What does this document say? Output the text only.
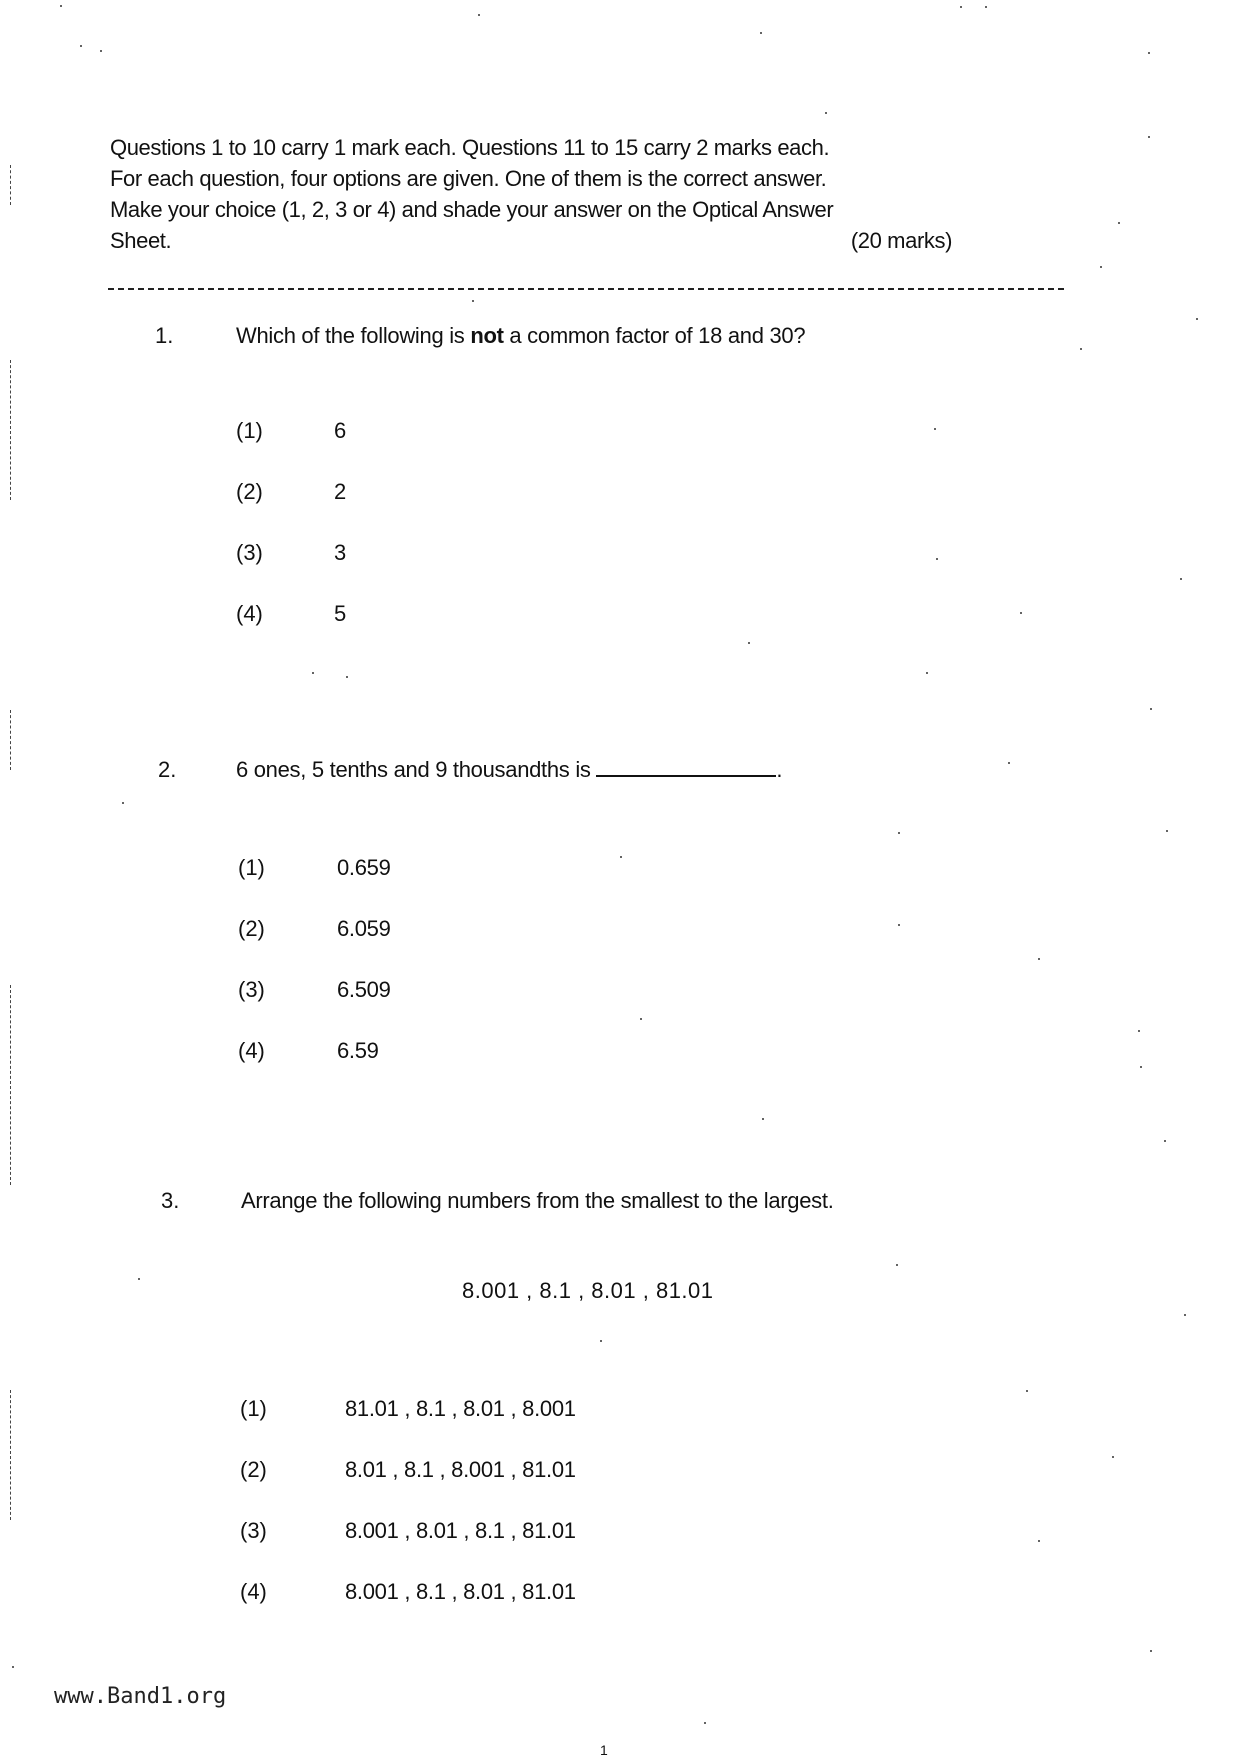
Questions 1 to 10 carry 1 mark each. Questions 11 to 15 carry 2 marks each.
For each question, four options are given. One of them is the correct answer.
Make your choice (1, 2, 3 or 4) and shade your answer on the Optical Answer
Sheet.	(20 marks)
1.	Which of the following is not a common factor of 18 and 30?
(1)	6
(2)	2
(3)	3
(4)	5
2.	6 ones, 5 tenths and 9 thousandths is	.
(1)	0.659
(2)	6.059
(3)	6.509
(4)	6.59
3.	Arrange the following numbers from the smallest to the largest.
8.001 , 8.1 , 8.01 , 81.01
(1)	81.01 , 8.1 , 8.01 , 8.001
(2)	8.01 , 8.1 , 8.001 , 81.01
(3)	8.001 , 8.01 , 8.1 , 81.01
(4)	8.001 , 8.1 , 8.01 , 81.01
www.Band1.org
1
